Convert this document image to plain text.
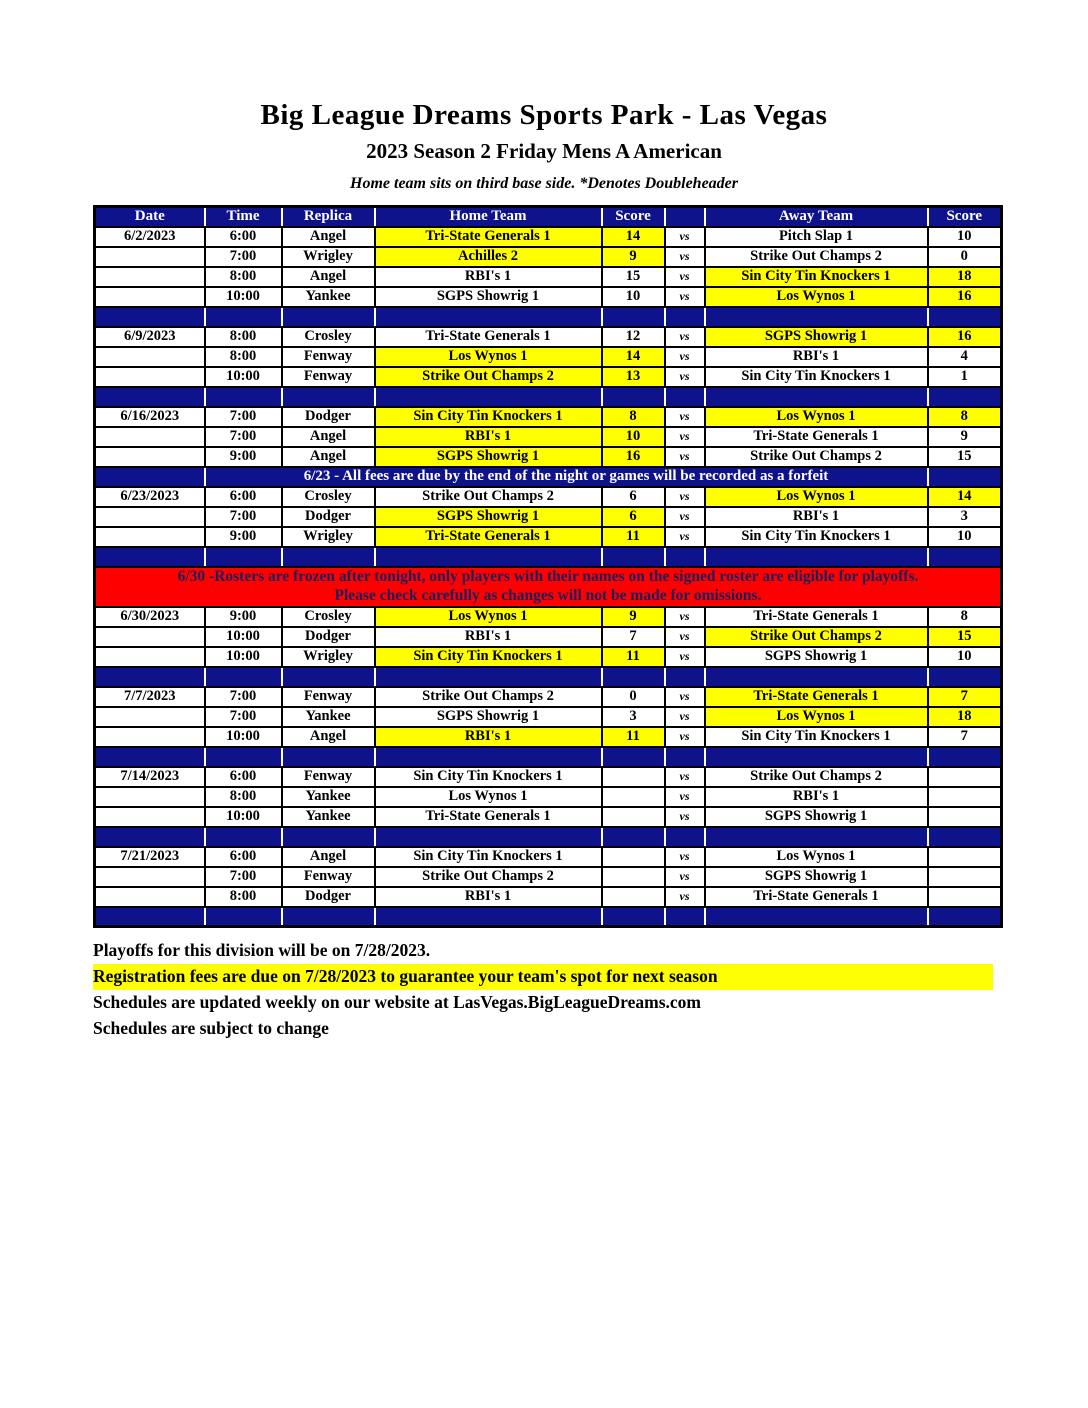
Big League Dreams Sports Park - Las Vegas
2023 Season 2 Friday Mens A American
Home team sits on third base side. *Denotes Doubleheader
Date	Time	Replica	Home Team	Score		Away Team	Score
6/2/2023	6:00	Angel	Tri-State Generals 1	14	vs	Pitch Slap 1	10
	7:00	Wrigley	Achilles 2	9	vs	Strike Out Champs 2	0
	8:00	Angel	RBI's 1	15	vs	Sin City Tin Knockers 1	18
	10:00	Yankee	SGPS Showrig 1	10	vs	Los Wynos 1	16

6/9/2023	8:00	Crosley	Tri-State Generals 1	12	vs	SGPS Showrig 1	16
	8:00	Fenway	Los Wynos 1	14	vs	RBI's 1	4
	10:00	Fenway	Strike Out Champs 2	13	vs	Sin City Tin Knockers 1	1

6/16/2023	7:00	Dodger	Sin City Tin Knockers 1	8	vs	Los Wynos 1	8
	7:00	Angel	RBI's 1	10	vs	Tri-State Generals 1	9
	9:00	Angel	SGPS Showrig 1	16	vs	Strike Out Champs 2	15
	6/23 - All fees are due by the end of the night or games will be recorded as a forfeit						
6/23/2023	6:00	Crosley	Strike Out Champs 2	6	vs	Los Wynos 1	14
	7:00	Dodger	SGPS Showrig 1	6	vs	RBI's 1	3
	9:00	Wrigley	Tri-State Generals 1	11	vs	Sin City Tin Knockers 1	10

6/30 -Rosters are frozen after tonight, only players with their names on the signed roster are eligible for playoffs.							
Please check carefully as changes will not be made for omissions.							
6/30/2023	9:00	Crosley	Los Wynos 1	9	vs	Tri-State Generals 1	8
	10:00	Dodger	RBI's 1	7	vs	Strike Out Champs 2	15
	10:00	Wrigley	Sin City Tin Knockers 1	11	vs	SGPS Showrig 1	10

7/7/2023	7:00	Fenway	Strike Out Champs 2	0	vs	Tri-State Generals 1	7
	7:00	Yankee	SGPS Showrig 1	3	vs	Los Wynos 1	18
	10:00	Angel	RBI's 1	11	vs	Sin City Tin Knockers 1	7

7/14/2023	6:00	Fenway	Sin City Tin Knockers 1		vs	Strike Out Champs 2	
	8:00	Yankee	Los Wynos 1		vs	RBI's 1	
	10:00	Yankee	Tri-State Generals 1		vs	SGPS Showrig 1	

7/21/2023	6:00	Angel	Sin City Tin Knockers 1		vs	Los Wynos 1	
	7:00	Fenway	Strike Out Champs 2		vs	SGPS Showrig 1	
	8:00	Dodger	RBI's 1		vs	Tri-State Generals 1	

Playoffs for this division will be on 7/28/2023.
Registration fees are due on 7/28/2023 to guarantee your team's spot for next season
Schedules are updated weekly on our website at LasVegas.BigLeagueDreams.com
Schedules are subject to change
